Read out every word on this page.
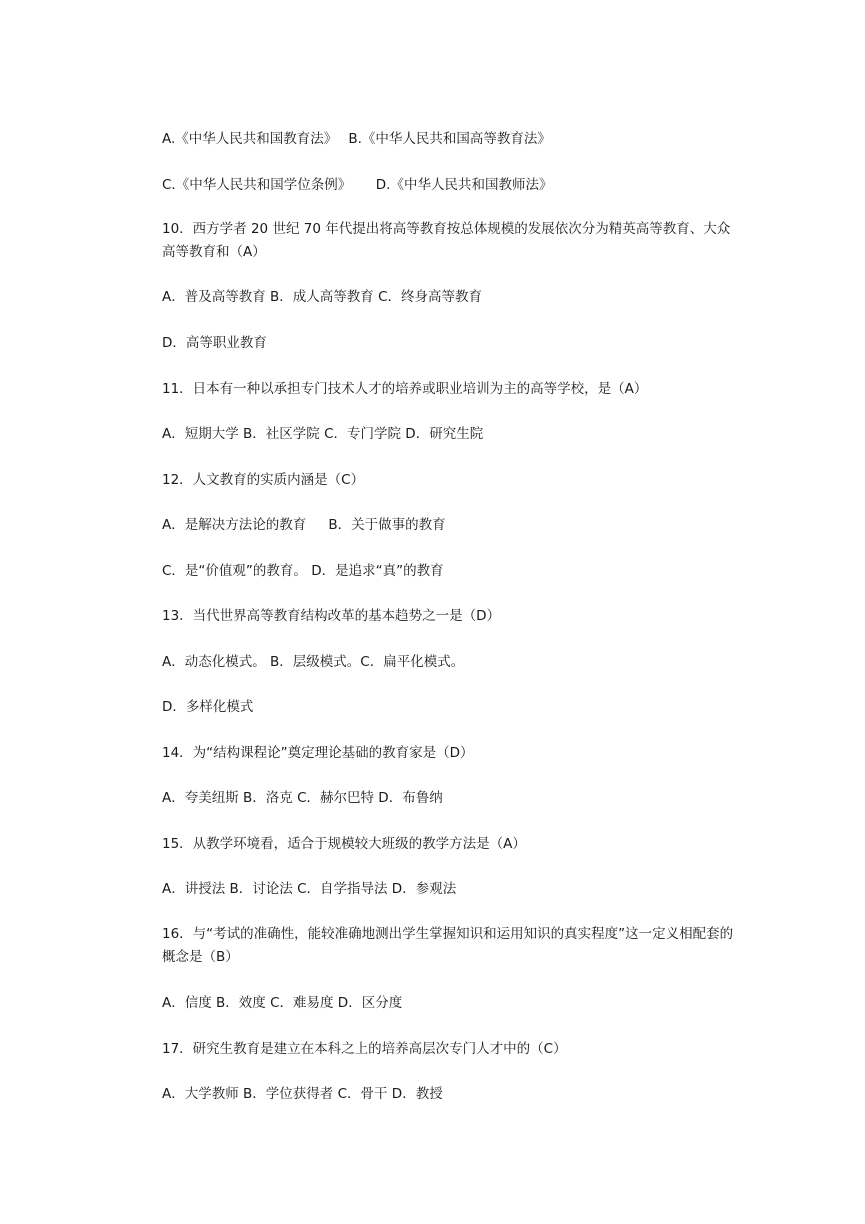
A.《中华人民共和国教育法》　 B.《中华人民共和国高等教育法》
C.《中华人民共和国学位条例》　　 D.《中华人民共和国教师法》
10．西方学者 20 世纪 70 年代提出将高等教育按总体规模的发展依次分为精英高等教育、大众高等教育和（A）
A．普及高等教育 B．成人高等教育 C．终身高等教育
D．高等职业教育
11．日本有一种以承担专门技术人才的培养或职业培训为主的高等学校，是（A）
A．短期大学 B．社区学院 C．专门学院 D．研究生院
12．人文教育的实质内涵是（C）
A．是解决方法论的教育 　 B．关于做事的教育
C．是“价值观”的教育。 D．是追求“真”的教育
13．当代世界高等教育结构改革的基本趋势之一是（D）
A．动态化模式。 B．层级模式。C．扁平化模式。
D．多样化模式
14．为“结构课程论”奠定理论基础的教育家是（D）
A．夸美纽斯 B．洛克 C．赫尔巴特 D．布鲁纳
15．从教学环境看，适合于规模较大班级的教学方法是（A）
A．讲授法 B．讨论法 C．自学指导法 D．参观法
16．与“考试的准确性，能较准确地测出学生掌握知识和运用知识的真实程度”这一定义相配套的概念是（B）
A．信度 B．效度 C．难易度 D．区分度
17．研究生教育是建立在本科之上的培养高层次专门人才中的（C）
A．大学教师 B．学位获得者 C．骨干 D．教授
